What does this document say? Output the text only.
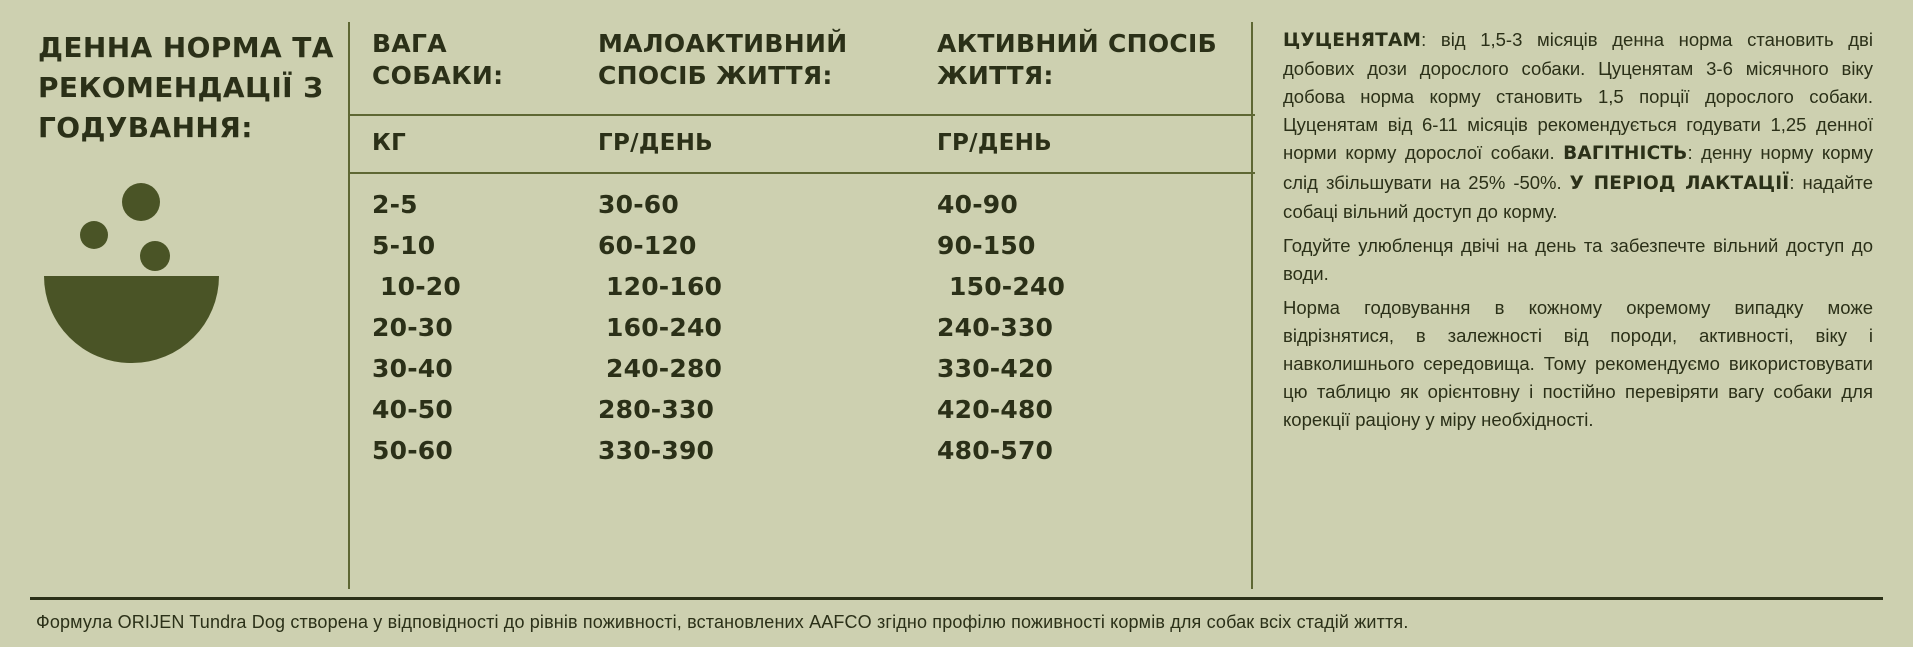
ДЕННА НОРМА ТА РЕКОМЕНДАЦІЇ З ГОДУВАННЯ:
ВАГА СОБАКИ:	МАЛОАКТИВНИЙ СПОСІБ ЖИТТЯ:	АКТИВНИЙ СПОСІБ ЖИТТЯ:
КГ	ГР/ДЕНЬ	ГР/ДЕНЬ
2-5	30-60	40-90
5-10	60-120	90-150
10-20	120-160	150-240
20-30	160-240	240-330
30-40	240-280	330-420
40-50	280-330	420-480
50-60	330-390	480-570

ЦУЦЕНЯТАМ: від 1,5-3 місяців денна норма становить дві добових дози дорослого собаки. Цуценятам 3-6 місячного віку добова норма корму становить 1,5 порції дорослого собаки. Цуценятам від 6-11 місяців рекомендується годувати 1,25 денної норми корму дорослої собаки. ВАГІТНІСТЬ: денну норму корму слід збільшувати на 25% -50%. У ПЕРІОД ЛАКТАЦІЇ: надайте собаці вільний доступ до корму.

Годуйте улюбленця двічі на день та забезпечте вільний доступ до води.

Норма годовування в кожному окремому випадку може відрізнятися, в залежності від породи, активності, віку і навколишнього середовища. Тому рекомендуємо використовувати цю таблицю як орієнтовну і постійно перевіряти вагу собаки для корекції раціону у міру необхідності.

Формула ORIJEN Tundra Dog створена у відповідності до рівнів поживності, встановлених AAFCO згідно профілю поживності кормів для собак всіх стадій життя.
